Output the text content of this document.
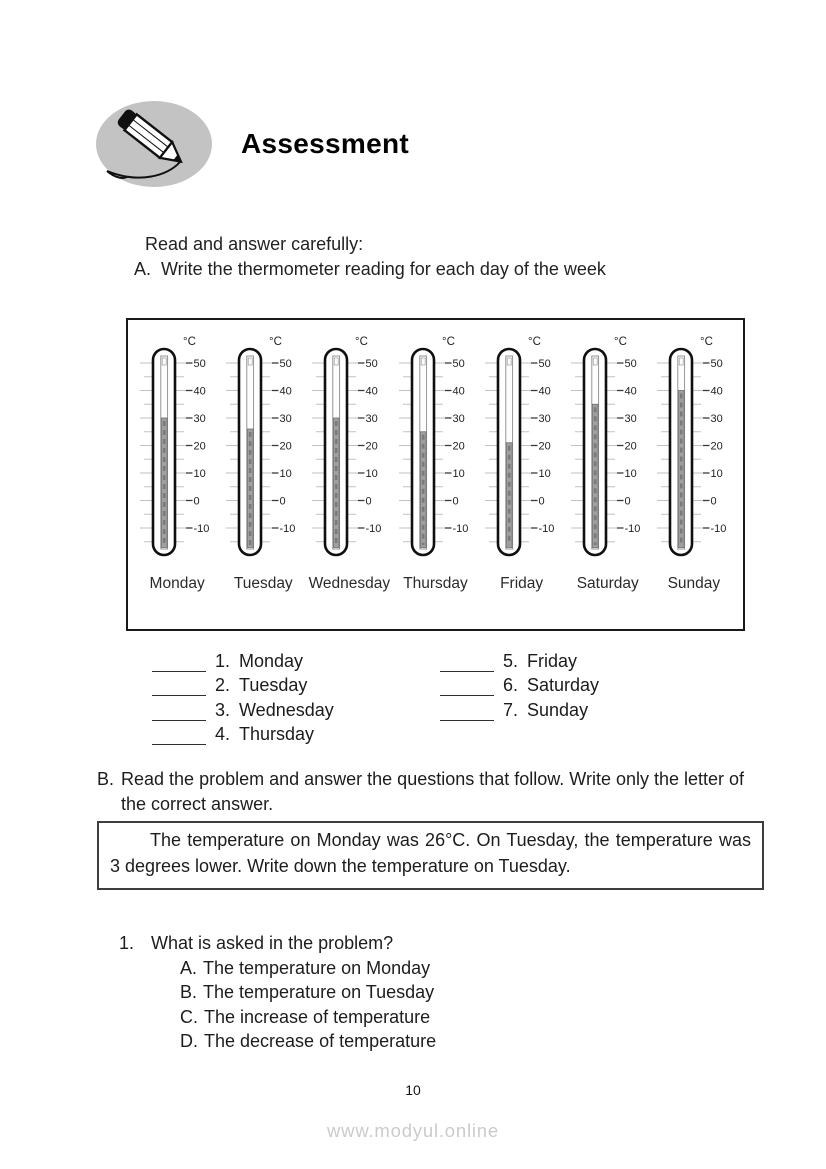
Assessment
Read and answer carefully:
A. Write the thermometer reading for each day of the week
50
40
30
20
10
0
-10
°C
Monday
50
40
30
20
10
0
-10
°C
Tuesday
50
40
30
20
10
0
-10
°C
Wednesday
50
40
30
20
10
0
-10
°C
Thursday
50
40
30
20
10
0
-10
°C
Friday
50
40
30
20
10
0
-10
°C
Saturday
50
40
30
20
10
0
-10
°C
Sunday
1. Monday
2. Tuesday
3. Wednesday
4. Thursday
5. Friday
6. Saturday
7. Sunday
B. Read the problem and answer the questions that follow. Write only the letter of the correct answer.
The temperature on Monday was 26°C. On Tuesday, the temperature was 3 degrees lower. Write down the temperature on Tuesday.
1. What is asked in the problem?
A. The temperature on Monday
B. The temperature on Tuesday
C. The increase of temperature
D. The decrease of temperature
10
www.modyul.online
